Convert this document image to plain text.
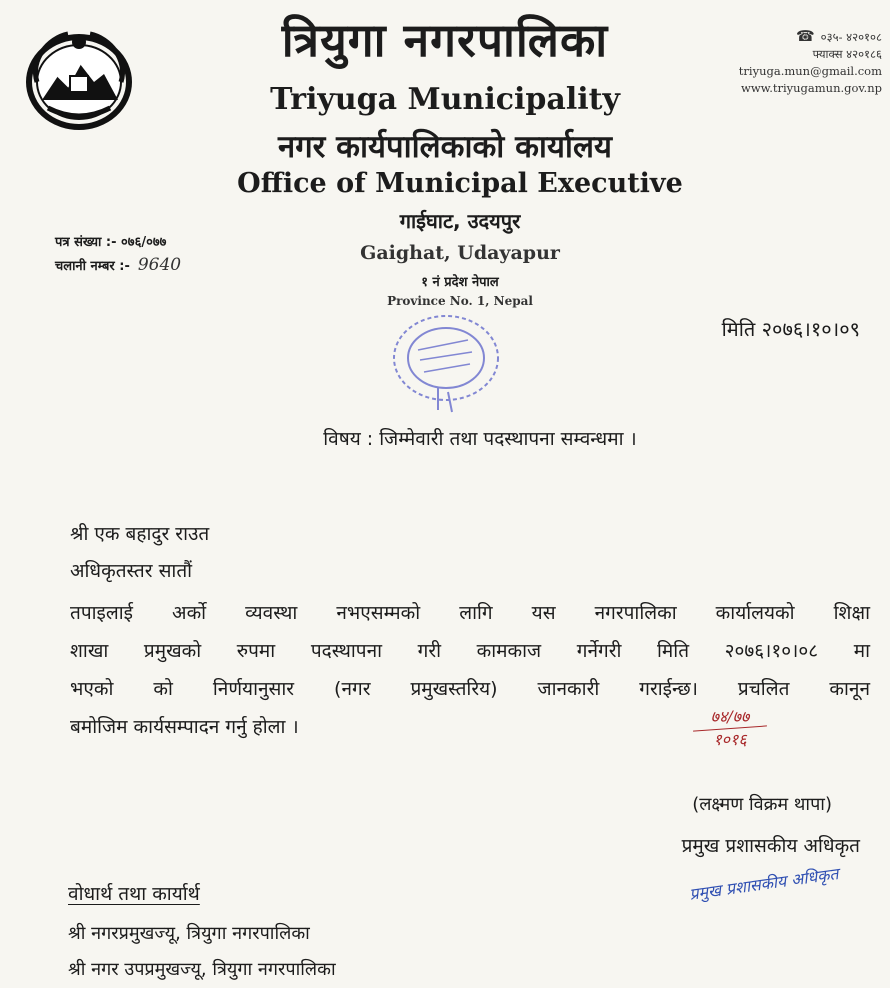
त्रियुगा नगरपालिका
Triyuga Municipality
नगर कार्यपालिकाको कार्यालय
Office of Municipal Executive
गाईघाट, उदयपुर
Gaighat, Udayapur
१ नं प्रदेश नेपाल
Province No. 1, Nepal
☎ ०३५- ४२०१०८
फ्याक्स ४२०१८६
triyuga.mun@gmail.com
www.triyugamun.gov.np
पत्र संख्या :- ०७६/०७७
चलानी नम्बर :- 9640
मिति २०७६।१०।०९
विषय : जिम्मेवारी तथा पदस्थापना सम्वन्धमा ।
श्री एक बहादुर राउत
अधिकृतस्तर सातौं
तपाइलाई अर्को व्यवस्था नभएसम्मको लागि यस नगरपालिका कार्यालयको शिक्षा
शाखा प्रमुखको रुपमा पदस्थापना गरी कामकाज गर्नेगरी मिति २०७६।१०।०८ मा
भएको को निर्णयानुसार (नगर प्रमुखस्तरिय) जानकारी गराईन्छ। प्रचलित कानून
बमोजिम कार्यसम्पादन गर्नु होला ।	७४/७७
१०१६
(लक्ष्मण विक्रम थापा)
प्रमुख प्रशासकीय अधिकृत
प्रमुख प्रशासकीय अधिकृत
वोधार्थ तथा कार्यार्थ
श्री नगरप्रमुखज्यू, त्रियुगा नगरपालिका
श्री नगर उपप्रमुखज्यू, त्रियुगा नगरपालिका
